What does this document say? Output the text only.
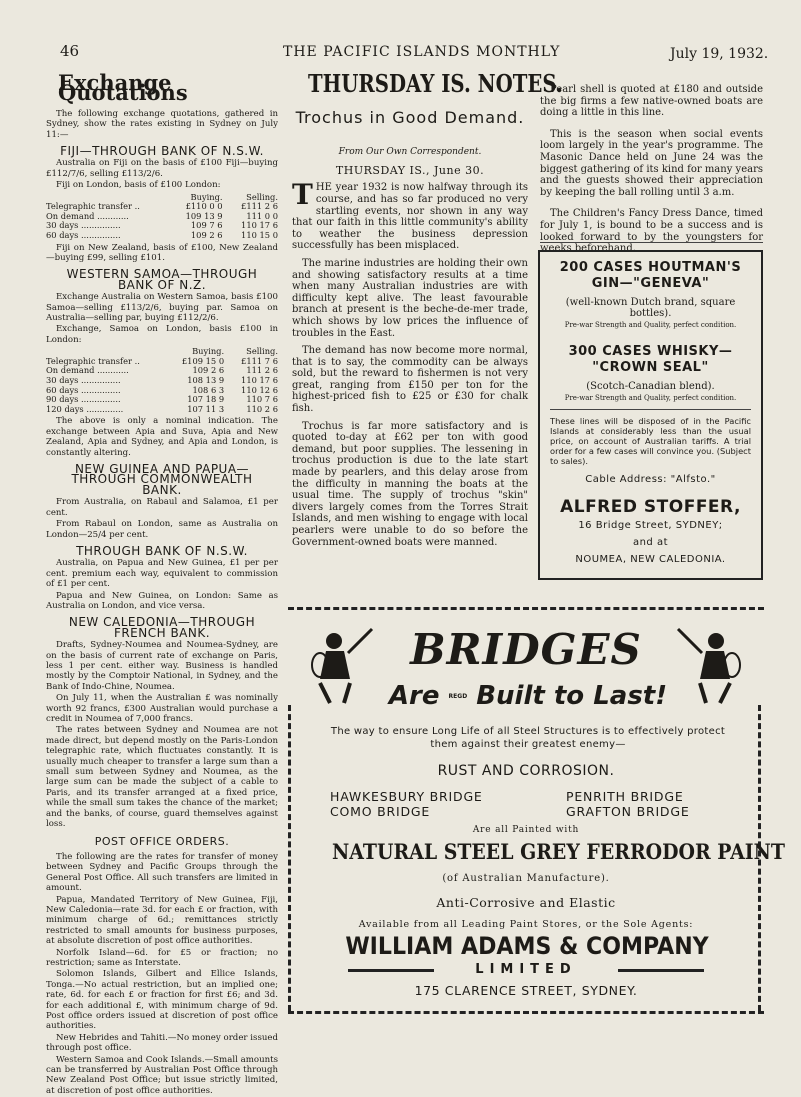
46	THE PACIFIC ISLANDS MONTHLY	July 19, 1932.
Exchange Quotations

The following exchange quotations, gathered in Sydney, show the rates existing in Sydney on July 11:—

FIJI—THROUGH BANK OF N.S.W.

Australia on Fiji on the basis of £100 Fiji—buying £112/7/6, selling £113/2/6.

Fiji on London, basis of £100 London:

	Buying.	Selling.
Telegraphic transfer ..	£110 0 0	£111 2 6
On demand ............	109 13 9	111 0 0
30 days ...............	109 7 6	110 17 6
60 days ...............	109 2 6	110 15 0

Fiji on New Zealand, basis of £100, New Zealand—buying £99, selling £101.

WESTERN SAMOA—THROUGH
BANK OF N.Z.

Exchange Australia on Western Samoa, basis £100 Samoa—selling £113/2/6, buying par. Samoa on Australia—selling par, buying £112/2/6.

Exchange, Samoa on London, basis £100 in London:

	Buying.	Selling.
Telegraphic transfer ..	£109 15 0	£111 7 6
On demand ............	109 2 6	111 2 6
30 days ...............	108 13 9	110 17 6
60 days ...............	108 6 3	110 12 6
90 days ...............	107 18 9	110 7 6
120 days ..............	107 11 3	110 2 6

The above is only a nominal indication. The exchange between Apia and Suva, Apia and New Zealand, Apia and Sydney, and Apia and London, is constantly altering.

NEW GUINEA AND PAPUA—
THROUGH COMMONWEALTH
BANK.

From Australia, on Rabaul and Salamoa, £1 per cent.

From Rabaul on London, same as Australia on London—25/4 per cent.

THROUGH BANK OF N.S.W.

Australia, on Papua and New Guinea, £1 per per cent. premium each way, equivalent to commission of £1 per cent.

Papua and New Guinea, on London: Same as Australia on London, and vice versa.

NEW CALEDONIA—THROUGH
FRENCH BANK.

Drafts, Sydney-Noumea and Noumea-Sydney, are on the basis of current rate of exchange on Paris, less 1 per cent. either way. Business is handled mostly by the Comptoir National, in Sydney, and the Bank of Indo-Chine, Noumea.

On July 11, when the Australian £ was nominally worth 92 francs, £300 Australian would purchase a credit in Noumea of 7,000 francs.

The rates between Sydney and Noumea are not made direct, but depend mostly on the Paris-London telegraphic rate, which fluctuates constantly. It is usually much cheaper to transfer a large sum than a small sum between Sydney and Noumea, as the large sum can be made the subject of a cable to Paris, and its transfer arranged at a fixed price, while the small sum takes the chance of the market; and the banks, of course, guard themselves against loss.

POST OFFICE ORDERS.

The following are the rates for transfer of money between Sydney and Pacific Groups through the General Post Office. All such transfers are limited in amount.

Papua, Mandated Territory of New Guinea, Fiji, New Caledonia—rate 3d. for each £ or fraction, with minimum charge of 6d.; remittances strictly restricted to small amounts for business purposes, at absolute discretion of post office authorities.

Norfolk Island—6d. for £5 or fraction; no restriction; same as Interstate.

Solomon Islands, Gilbert and Ellice Islands, Tonga.—No actual restriction, but an implied one; rate, 6d. for each £ or fraction for first £6; and 3d. for each additional £, with minimum charge of 9d. Post office orders issued at discretion of post office authorities.

New Hebrides and Tahiti.—No money order issued through post office.

Western Samoa and Cook Islands.—Small amounts can be transferred by Australian Post Office through New Zealand Post Office; but issue strictly limited, at discretion of post office authorities.

THURSDAY IS. NOTES.
Trochus in Good Demand.
From Our Own Correspondent.
THURSDAY IS., June 30.

THE year 1932 is now halfway through its course, and has so far produced no very startling events, nor shown in any way that our faith in this little community's ability to weather the business depression successfully has been misplaced.

The marine industries are holding their own and showing satisfactory results at a time when many Australian industries are with difficulty kept alive. The least favourable branch at present is the beche-de-mer trade, which shows by low prices the influence of troubles in the East.

The demand has now become more normal, that is to say, the commodity can be always sold, but the reward to fishermen is not very great, ranging from £150 per ton for the highest-priced fish to £25 or £30 for chalk fish.

Trochus is far more satisfactory and is quoted to-day at £62 per ton with good demand, but poor supplies. The lessening in trochus production is due to the late start made by pearlers, and this delay arose from the difficulty in manning the boats at the usual time. The supply of trochus "skin" divers largely comes from the Torres Strait Islands, and men wishing to engage with local pearlers were unable to do so before the Government-owned boats were manned.

Pearl shell is quoted at £180 and outside the big firms a few native-owned boats are doing a little in this line.

This is the season when social events loom largely in the year's programme. The Masonic Dance held on June 24 was the biggest gathering of its kind for many years and the guests showed their appreciation by keeping the ball rolling until 3 a.m.

The Children's Fancy Dress Dance, timed for July 1, is bound to be a success and is looked forward to by the youngsters for weeks beforehand.

200 CASES HOUTMAN'S
GIN—"GENEVA"
(well-known Dutch brand, square bottles).
Pre-war Strength and Quality, perfect condition.
300 CASES WHISKY—
"CROWN SEAL"
(Scotch-Canadian blend).
Pre-war Strength and Quality, perfect condition.
These lines will be disposed of in the Pacific Islands at considerably less than the usual price, on account of Australian tariffs. A trial order for a few cases will convince you. (Subject to sales).
Cable Address: "Alfsto."
ALFRED STOFFER,
16 Bridge Street, SYDNEY;
and at
NOUMEA, NEW CALEDONIA.
BRIDGES
Are REGD Built to Last!
The way to ensure Long Life of all Steel Structures is to effectively protect them against their greatest enemy—
RUST AND CORROSION.
HAWKESBURY BRIDGE
COMO BRIDGE
PENRITH BRIDGE
GRAFTON BRIDGE
Are all Painted with
NATURAL STEEL GREY FERRODOR PAINT
(of Australian Manufacture).
Anti-Corrosive and Elastic
Available from all Leading Paint Stores, or the Sole Agents:
WILLIAM ADAMS & COMPANY
LIMITED
175 CLARENCE STREET, SYDNEY.
